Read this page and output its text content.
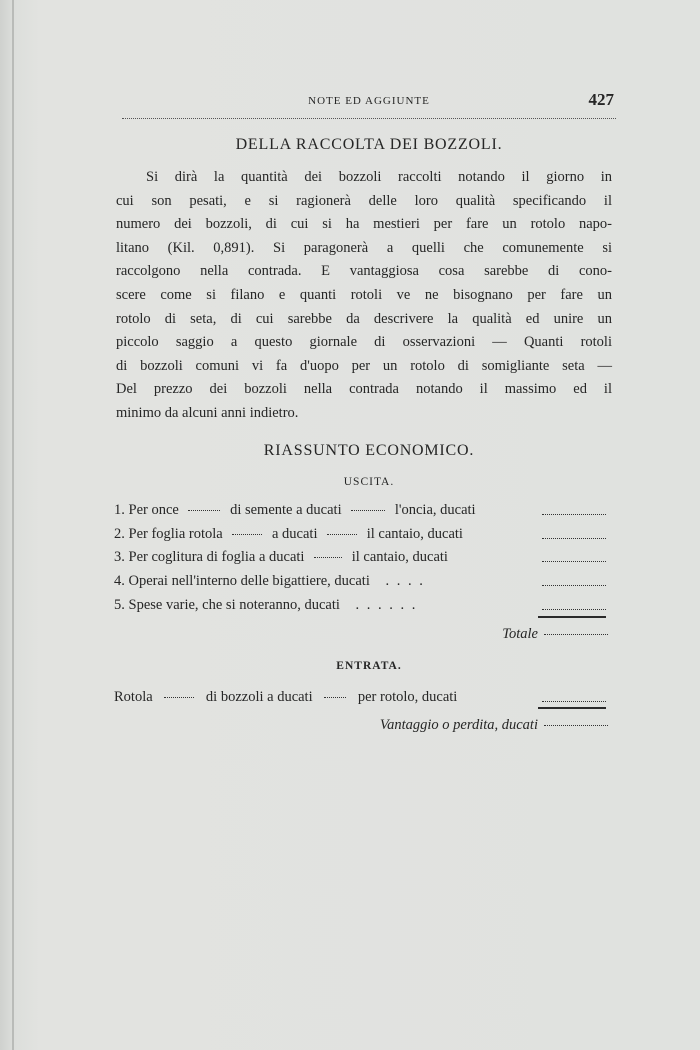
NOTE ED AGGIUNTE	427
DELLA RACCOLTA DEI BOZZOLI.
Si dirà la quantità dei bozzoli raccolti notando il giorno in
cui son pesati, e si ragionerà delle loro qualità specificando il
numero dei bozzoli, di cui si ha mestieri per fare un rotolo napo-
litano (Kil. 0,891). Si paragonerà a quelli che comunemente si
raccolgono nella contrada. E vantaggiosa cosa sarebbe di cono-
scere come si filano e quanti rotoli ve ne bisognano per fare un
rotolo di seta, di cui sarebbe da descrivere la qualità ed unire un
piccolo saggio a questo giornale di osservazioni — Quanti rotoli
di bozzoli comuni vi fa d'uopo per un rotolo di somigliante seta —
Del prezzo dei bozzoli nella contrada notando il massimo ed il
minimo da alcuni anni indietro.
RIASSUNTO ECONOMICO.
USCITA.
1. Per once	di semente a ducati	l'oncia, ducati
2. Per foglia rotola	a ducati	il cantaio, ducati
3. Per coglitura di foglia a ducati	il cantaio, ducati
4. Operai nell'interno delle bigattiere, ducati . . . .
5. Spese varie, che si noteranno, ducati . . . . . .
Totale
ENTRATA.
Rotola	di bozzoli a ducati	per rotolo, ducati
Vantaggio o perdita, ducati
